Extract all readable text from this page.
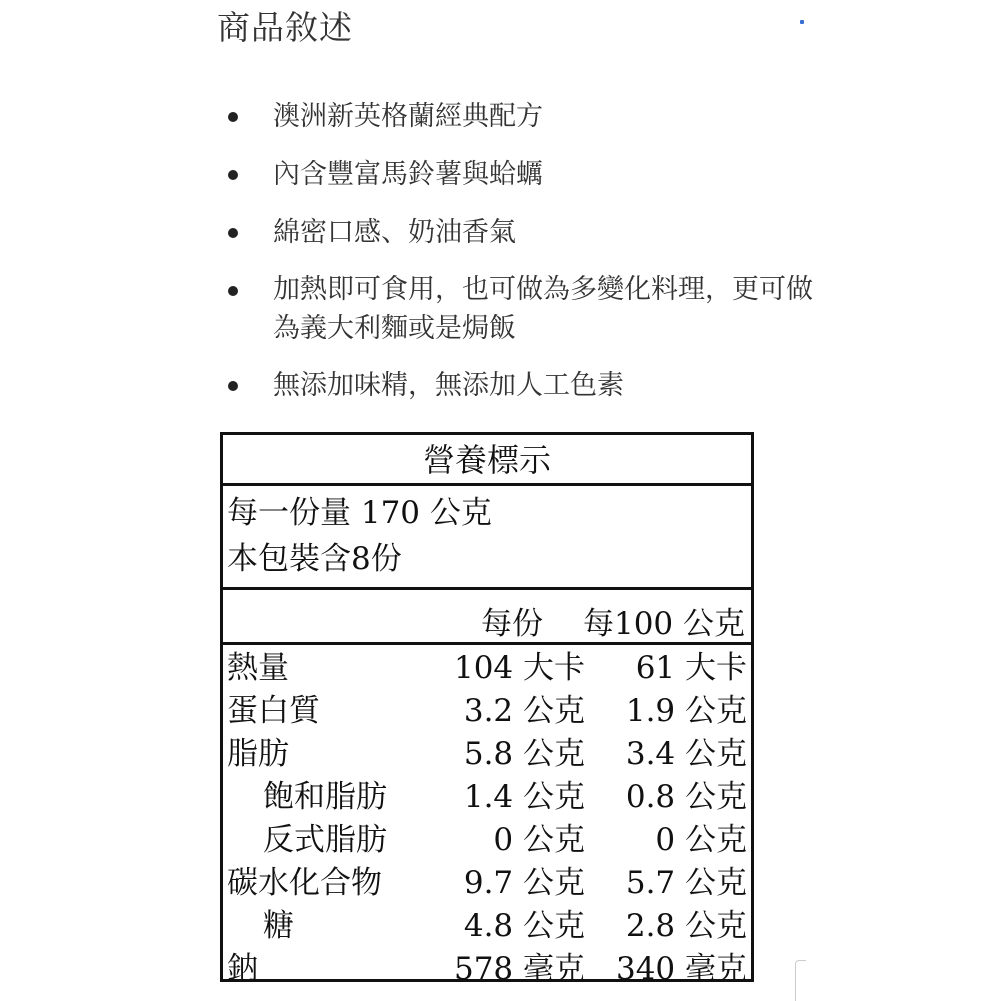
商品敘述
澳洲新英格蘭經典配方
內含豐富馬鈴薯與蛤蠣
綿密口感、奶油香氣
加熱即可食用，也可做為多變化料理，更可做為義大利麵或是焗飯
無添加味精，無添加人工色素
營養標示
每一份量 170 公克
本包裝含8份
每份 每100 公克
熱量	104 大卡 61 大卡
蛋白質	3.2 公克 1.9 公克
脂肪	5.8 公克 3.4 公克
飽和脂肪 1.4 公克 0.8 公克
反式脂肪	0 公克 0 公克
碳水化合物	9.7 公克 5.7 公克
糖	4.8 公克 2.8 公克
鈉	578 毫克 340 毫克
